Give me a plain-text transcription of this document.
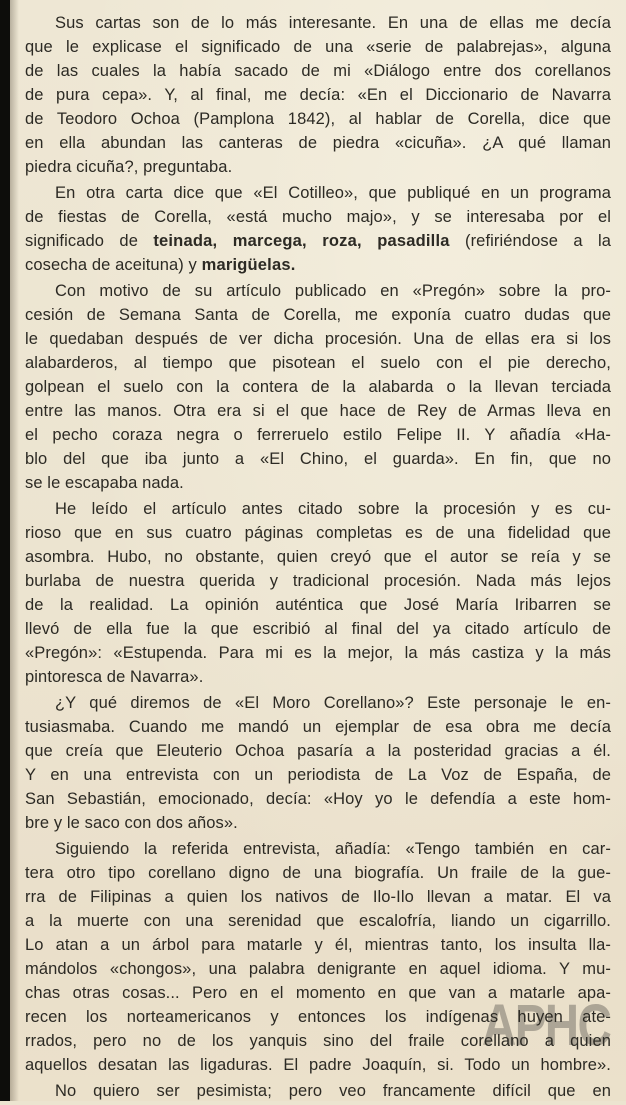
APHC
Sus cartas son de lo más interesante. En una de ellas me decía
que le explicase el significado de una «serie de palabrejas», alguna
de las cuales la había sacado de mi «Diálogo entre dos corellanos
de pura cepa». Y, al final, me decía: «En el Diccionario de Navarra
de Teodoro Ochoa (Pamplona 1842), al hablar de Corella, dice que
en ella abundan las canteras de piedra «cicuña». ¿A qué llaman
piedra cicuña?, preguntaba.
En otra carta dice que «El Cotilleo», que publiqué en un programa
de fiestas de Corella, «está mucho majo», y se interesaba por el
significado de teinada, marcega, roza, pasadilla (refiriéndose a la
cosecha de aceituna) y marigüelas.
Con motivo de su artículo publicado en «Pregón» sobre la pro-
cesión de Semana Santa de Corella, me exponía cuatro dudas que
le quedaban después de ver dicha procesión. Una de ellas era si los
alabarderos, al tiempo que pisotean el suelo con el pie derecho,
golpean el suelo con la contera de la alabarda o la llevan terciada
entre las manos. Otra era si el que hace de Rey de Armas lleva en
el pecho coraza negra o ferreruelo estilo Felipe II. Y añadía «Ha-
blo del que iba junto a «El Chino, el guarda». En fin, que no
se le escapaba nada.
He leído el artículo antes citado sobre la procesión y es cu-
rioso que en sus cuatro páginas completas es de una fidelidad que
asombra. Hubo, no obstante, quien creyó que el autor se reía y se
burlaba de nuestra querida y tradicional procesión. Nada más lejos
de la realidad. La opinión auténtica que José María Iribarren se
llevó de ella fue la que escribió al final del ya citado artículo de
«Pregón»: «Estupenda. Para mi es la mejor, la más castiza y la más
pintoresca de Navarra».
¿Y qué diremos de «El Moro Corellano»? Este personaje le en-
tusiasmaba. Cuando me mandó un ejemplar de esa obra me decía
que creía que Eleuterio Ochoa pasaría a la posteridad gracias a él.
Y en una entrevista con un periodista de La Voz de España, de
San Sebastián, emocionado, decía: «Hoy yo le defendía a este hom-
bre y le saco con dos años».
Siguiendo la referida entrevista, añadía: «Tengo también en car-
tera otro tipo corellano digno de una biografía. Un fraile de la gue-
rra de Filipinas a quien los nativos de Ilo-Ilo llevan a matar. El va
a la muerte con una serenidad que escalofría, liando un cigarrillo.
Lo atan a un árbol para matarle y él, mientras tanto, los insulta lla-
mándolos «chongos», una palabra denigrante en aquel idioma. Y mu-
chas otras cosas... Pero en el momento en que van a matarle apa-
recen los norteamericanos y entonces los indígenas huyen ate-
rrados, pero no de los yanquis sino del fraile corellano a quien
aquellos desatan las ligaduras. El padre Joaquín, si. Todo un hombre».
No quiero ser pesimista; pero veo francamente difícil que en
